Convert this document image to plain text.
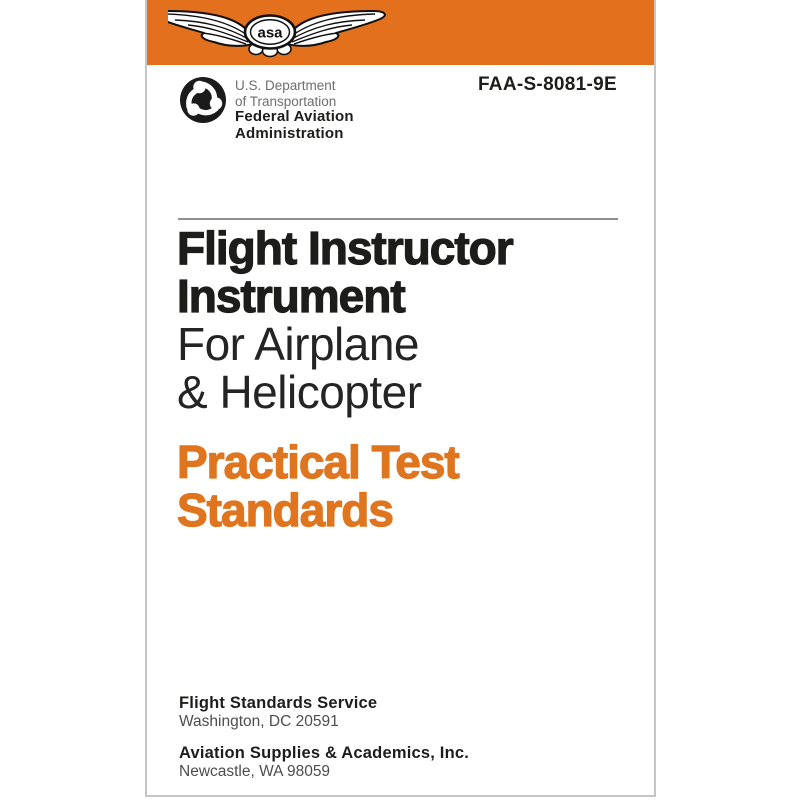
asa
U.S. Department
of Transportation
Federal Aviation
Administration
FAA-S-8081-9E
Flight Instructor
Instrument
For Airplane
& Helicopter
Practical Test
Standards
Flight Standards Service
Washington, DC 20591
Aviation Supplies & Academics, Inc.
Newcastle, WA 98059
